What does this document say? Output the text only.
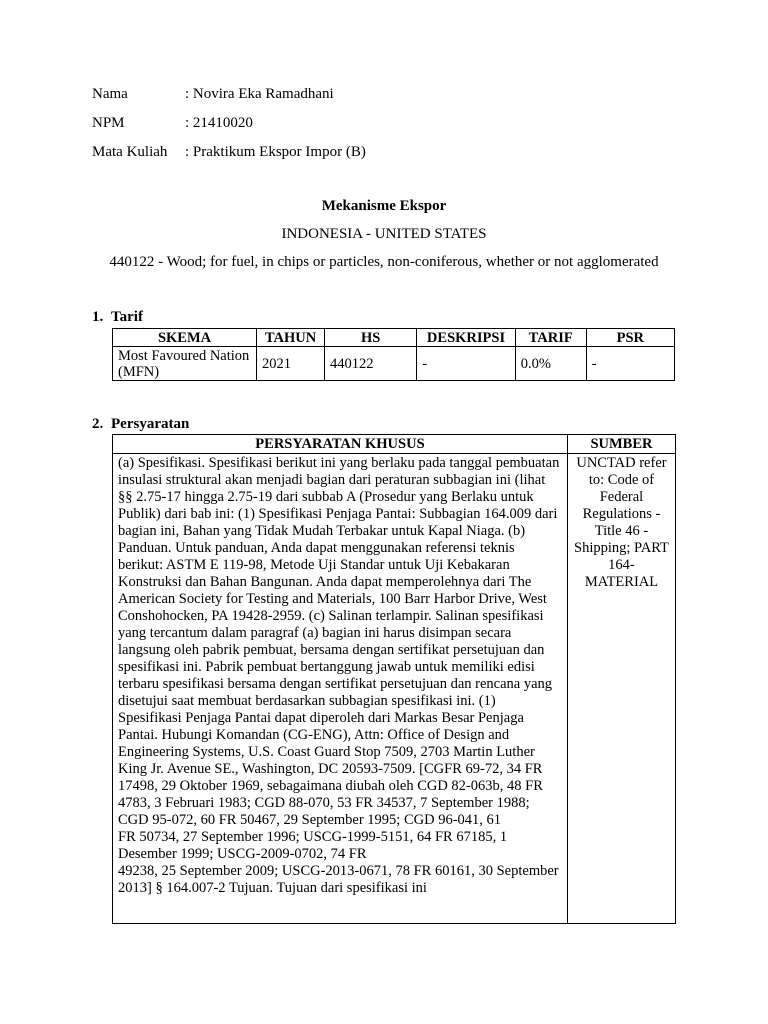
Nama	: Novira Eka Ramadhani
NPM	: 21410020
Mata Kuliah	: Praktikum Ekspor Impor (B)
Mekanisme Ekspor
INDONESIA - UNITED STATES
440122 - Wood; for fuel, in chips or particles, non-coniferous, whether or not agglomerated
1. Tarif
SKEMA	TAHUN	HS	DESKRIPSI	TARIF	PSR
Most Favoured Nation (MFN)	2021	440122	-	0.0%	-
2. Persyaratan
PERSYARATAN KHUSUS	SUMBER

(a) Spesifikasi. Spesifikasi berikut ini yang berlaku pada tanggal pembuatan insulasi struktural akan menjadi bagian dari peraturan subbagian ini (lihat §§ 2.75-17 hingga 2.75-19 dari subbab A (Prosedur yang Berlaku untuk Publik) dari bab ini: (1) Spesifikasi Penjaga Pantai: Subbagian 164.009 dari bagian ini, Bahan yang Tidak Mudah Terbakar untuk Kapal Niaga. (b) Panduan. Untuk panduan, Anda dapat menggunakan referensi teknis berikut: ASTM E 119-98, Metode Uji Standar untuk Uji Kebakaran Konstruksi dan Bahan Bangunan. Anda dapat memperolehnya dari The American Society for Testing and Materials, 100 Barr Harbor Drive, West Conshohocken, PA 19428-2959. (c) Salinan terlampir. Salinan spesifikasi yang tercantum dalam paragraf (a) bagian ini harus disimpan secara langsung oleh pabrik pembuat, bersama dengan sertifikat persetujuan dan spesifikasi ini. Pabrik pembuat bertanggung jawab untuk memiliki edisi terbaru spesifikasi bersama dengan sertifikat persetujuan dan rencana yang disetujui saat membuat berdasarkan subbagian spesifikasi ini. (1) Spesifikasi Penjaga Pantai dapat diperoleh dari Markas Besar Penjaga Pantai. Hubungi Komandan (CG-ENG), Attn: Office of Design and Engineering Systems, U.S. Coast Guard Stop 7509, 2703 Martin Luther King Jr. Avenue SE., Washington, DC 20593-7509. [CGFR 69-72, 34 FR 17498, 29 Oktober 1969, sebagaimana diubah oleh CGD 82-063b, 48 FR 4783, 3 Februari 1983; CGD 88-070, 53 FR 34537, 7 September 1988; CGD 95-072, 60 FR 50467, 29 September 1995; CGD 96-041, 61
FR 50734, 27 September 1996; USCG-1999-5151, 64 FR 67185, 1 Desember 1999; USCG-2009-0702, 74 FR
49238, 25 September 2009; USCG-2013-0671, 78 FR 60161, 30 September 2013] § 164.007-2 Tujuan. Tujuan dari spesifikasi ini	UNCTAD refer to: Code of Federal Regulations - Title 46 - Shipping; PART 164-MATERIAL
